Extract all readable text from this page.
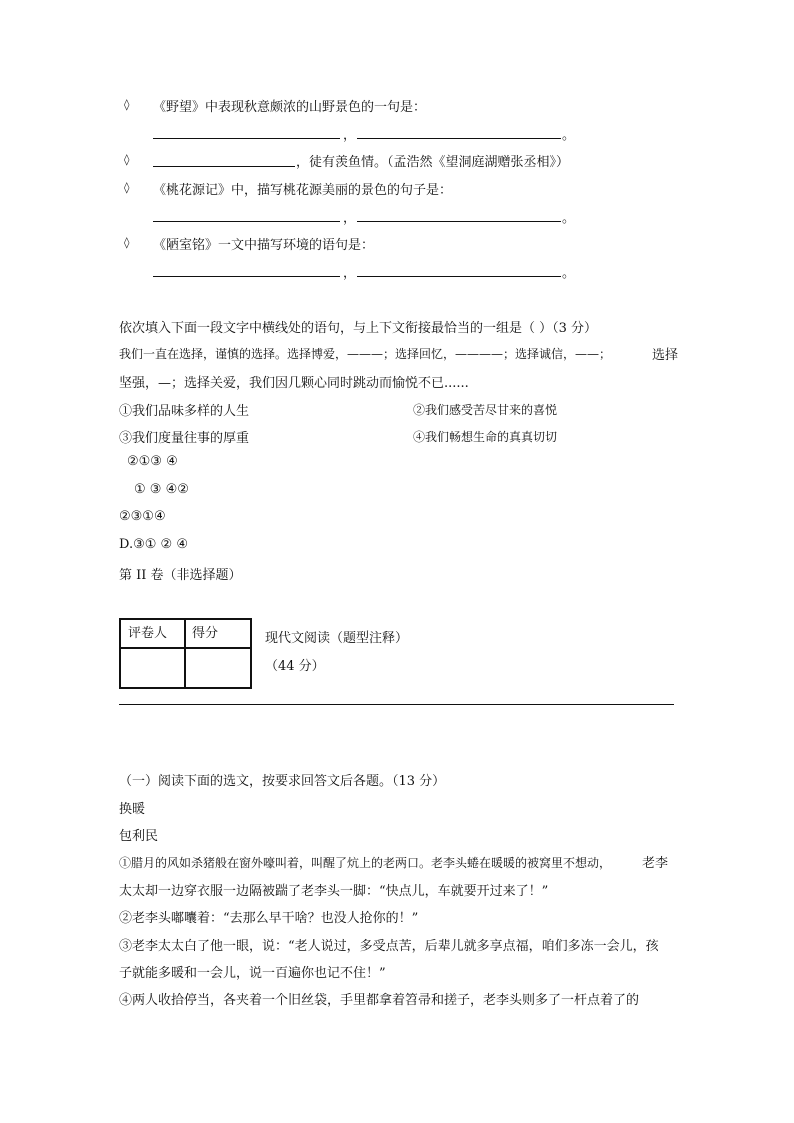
◊ 《野望》中表现秋意颇浓的山野景色的一句是：
，	。
◊	，徒有羡鱼情。（孟浩然《望洞庭湖赠张丞相》）
◊ 《桃花源记》中，描写桃花源美丽的景色的句子是：
，	。
◊ 《陋室铭》一文中描写环境的语句是：
，	。
依次填入下面一段文字中横线处的语句，与上下文衔接最恰当的一组是（ ）（3 分）
我们一直在选择，谨慎的选择。选择博爱，———；选择回忆，————；选择诚信，——；	选择
坚强，—；选择关爱，我们因几颗心同时跳动而愉悦不已......
①我们品味多样的人生	②我们感受苦尽甘来的喜悦
③我们度量往事的厚重	④我们畅想生命的真真切切
②①③ ④
① ③ ④②
②③①④
D.③① ② ④
第 II 卷（非选择题）
评卷人 得分	现代文阅读（题型注释）
（44 分）
（一）阅读下面的选文，按要求回答文后各题。（13 分）
换暖
包利民
①腊月的风如杀猪般在窗外嚎叫着，叫醒了炕上的老两口。老李头蜷在暖暖的被窝里不想动， 老李
太太却一边穿衣服一边隔被踹了老李头一脚：“快点儿，车就要开过来了！”
②老李头嘟囔着：“去那么早干啥？也没人抢你的！”
③老李太太白了他一眼，说：“老人说过，多受点苦，后辈儿就多享点福，咱们多冻一会儿，孩
子就能多暖和一会儿，说一百遍你也记不住！”
④两人收拾停当，各夹着一个旧丝袋，手里都拿着笤帚和搓子，老李头则多了一杆点着了的
